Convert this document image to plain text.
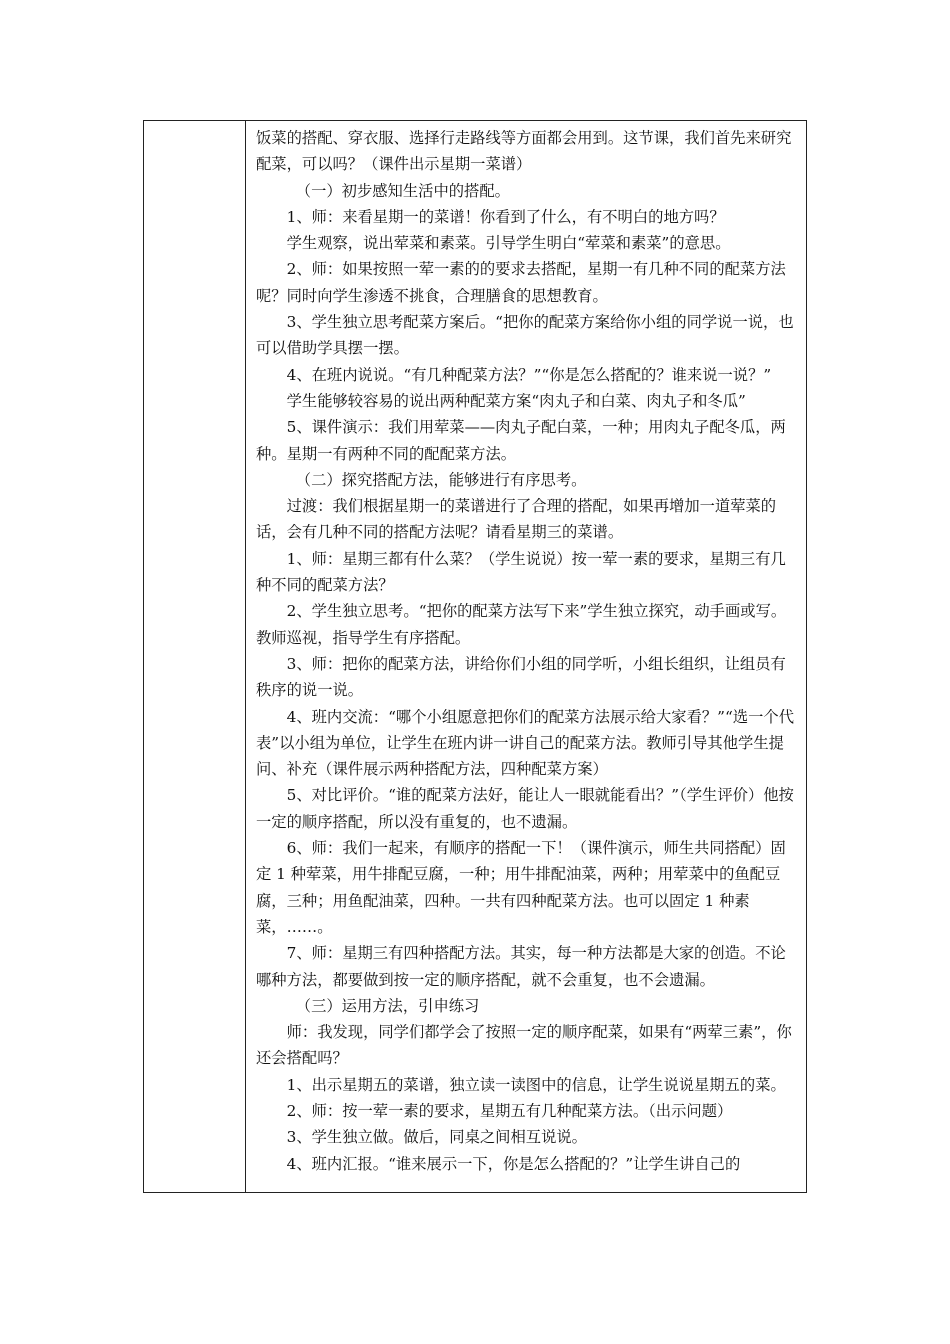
饭菜的搭配、穿衣服、选择行走路线等方面都会用到。这节课，我们首先来研究配菜，可以吗？（课件出示星期一菜谱）

（一）初步感知生活中的搭配。

1、师：来看星期一的菜谱！你看到了什么，有不明白的地方吗？

学生观察，说出荤菜和素菜。引导学生明白“荤菜和素菜”的意思。

2、师：如果按照一荤一素的的要求去搭配，星期一有几种不同的配菜方法呢？同时向学生渗透不挑食，合理膳食的思想教育。

3、学生独立思考配菜方案后。“把你的配菜方案给你小组的同学说一说，也可以借助学具摆一摆。

4、在班内说说。“有几种配菜方法？”“你是怎么搭配的？谁来说一说？”

学生能够较容易的说出两种配菜方案“肉丸子和白菜、肉丸子和冬瓜”

5、课件演示：我们用荤菜——肉丸子配白菜，一种；用肉丸子配冬瓜，两种。星期一有两种不同的配配菜方法。

（二）探究搭配方法，能够进行有序思考。

过渡：我们根据星期一的菜谱进行了合理的搭配，如果再增加一道荤菜的话，会有几种不同的搭配方法呢？请看星期三的菜谱。

1、师：星期三都有什么菜？（学生说说）按一荤一素的要求，星期三有几种不同的配菜方法？

2、学生独立思考。“把你的配菜方法写下来”学生独立探究，动手画或写。教师巡视，指导学生有序搭配。

3、师：把你的配菜方法，讲给你们小组的同学听，小组长组织，让组员有秩序的说一说。

4、班内交流：“哪个小组愿意把你们的配菜方法展示给大家看？”“选一个代表”以小组为单位，让学生在班内讲一讲自己的配菜方法。教师引导其他学生提问、补充（课件展示两种搭配方法，四种配菜方案）

5、对比评价。“谁的配菜方法好，能让人一眼就能看出？”（学生评价）他按一定的顺序搭配，所以没有重复的，也不遗漏。

6、师：我们一起来，有顺序的搭配一下！（课件演示，师生共同搭配）固定 1 种荤菜，用牛排配豆腐，一种；用牛排配油菜，两种；用荤菜中的鱼配豆腐，三种；用鱼配油菜，四种。一共有四种配菜方法。也可以固定 1 种素菜，……。

7、师：星期三有四种搭配方法。其实，每一种方法都是大家的创造。不论哪种方法，都要做到按一定的顺序搭配，就不会重复，也不会遗漏。

（三）运用方法，引申练习

师：我发现，同学们都学会了按照一定的顺序配菜，如果有“两荤三素”，你还会搭配吗？

1、出示星期五的菜谱，独立读一读图中的信息，让学生说说星期五的菜。

2、师：按一荤一素的要求，星期五有几种配菜方法。（出示问题）

3、学生独立做。做后，同桌之间相互说说。

4、班内汇报。“谁来展示一下，你是怎么搭配的？”让学生讲自己的
